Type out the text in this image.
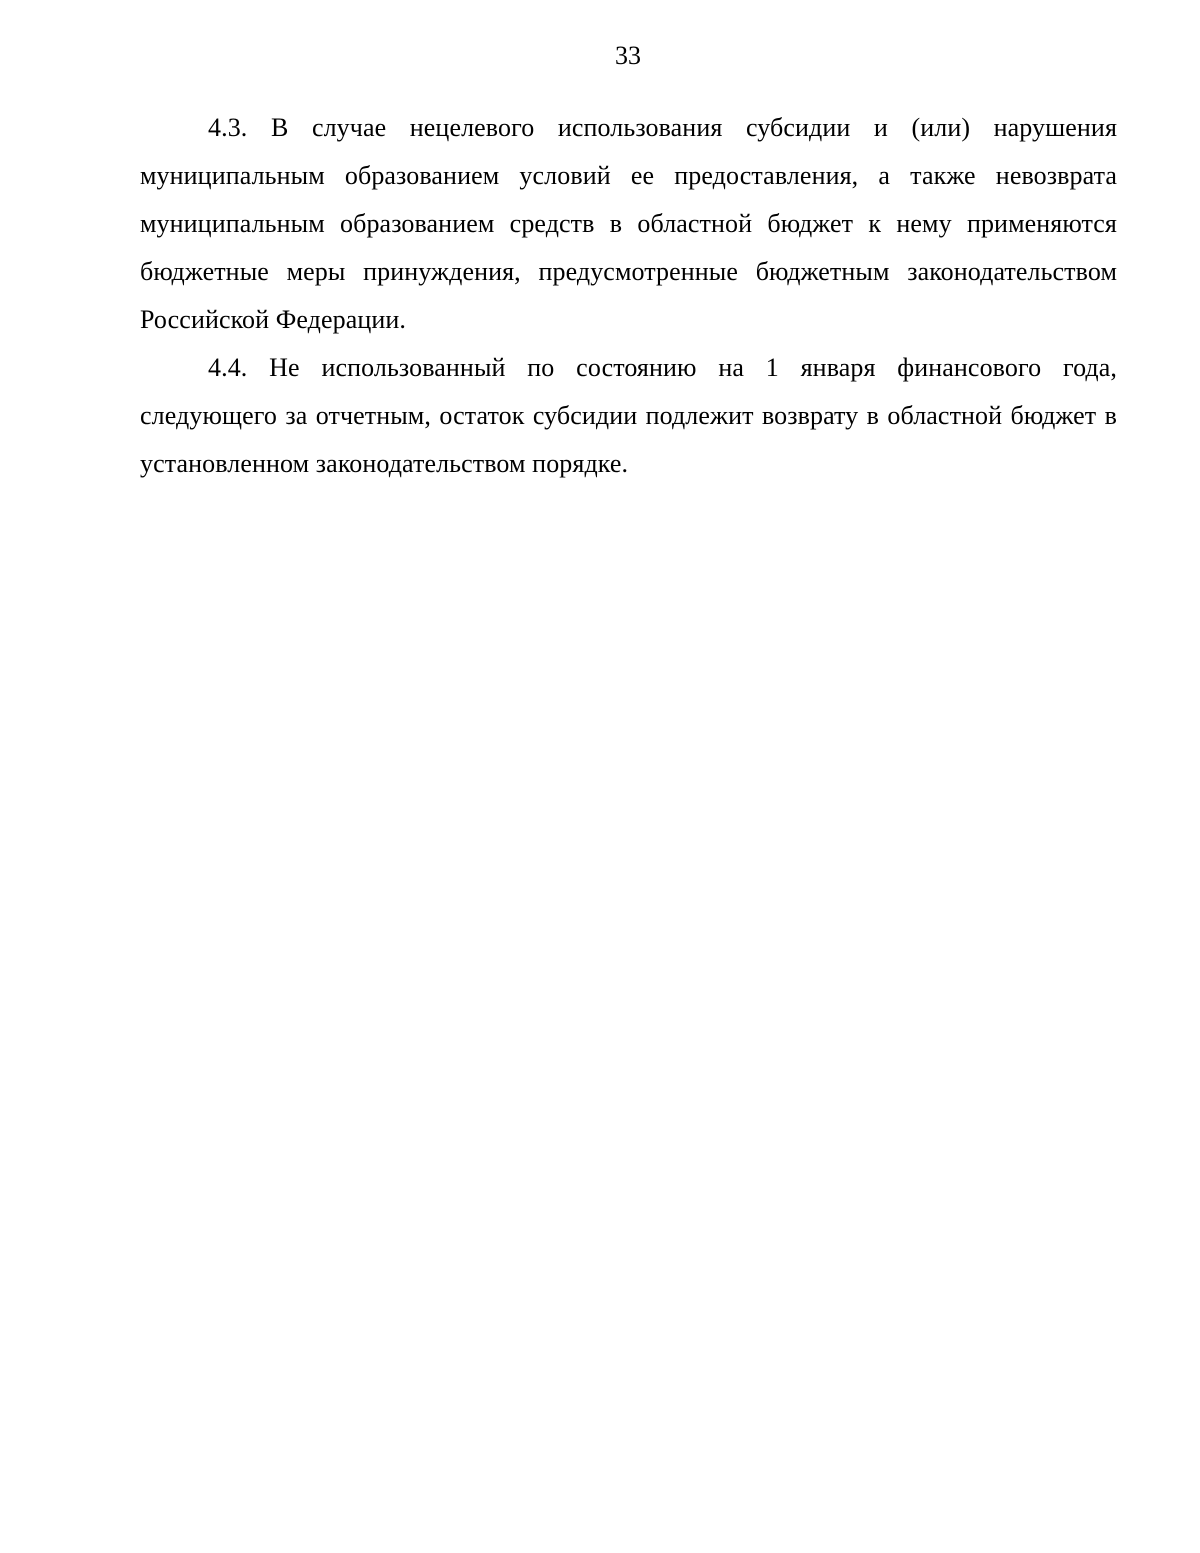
33

4.3. В случае нецелевого использования субсидии и (или) нарушения муниципальным образованием условий ее предоставления, а также невозврата муниципальным образованием средств в областной бюджет к нему применяются бюджетные меры принуждения, предусмотренные бюджетным законодательством Российской Федерации.

4.4. Не использованный по состоянию на 1 января финансового года, следующего за отчетным, остаток субсидии подлежит возврату в областной бюджет в установленном законодательством порядке.
